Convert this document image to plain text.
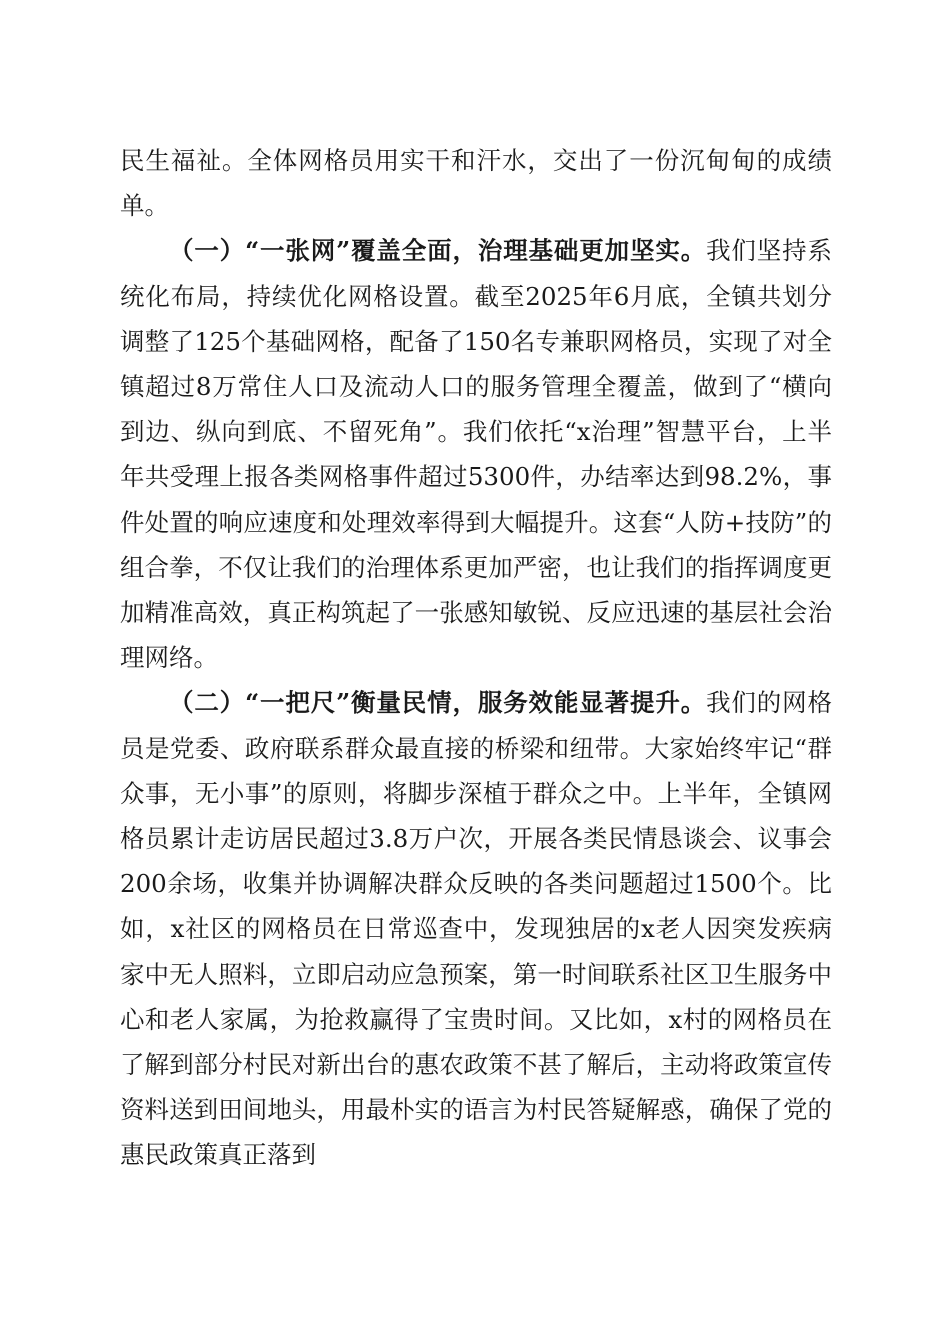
民生福祉。全体网格员用实干和汗水，交出了一份沉甸甸的成绩单。

（一）“一张网”覆盖全面，治理基础更加坚实。我们坚持系统化布局，持续优化网格设置。截至2025年6月底，全镇共划分调整了125个基础网格，配备了150名专兼职网格员，实现了对全镇超过8万常住人口及流动人口的服务管理全覆盖，做到了“横向到边、纵向到底、不留死角”。我们依托“x治理”智慧平台，上半年共受理上报各类网格事件超过5300件，办结率达到98.2%，事件处置的响应速度和处理效率得到大幅提升。这套“人防+技防”的组合拳，不仅让我们的治理体系更加严密，也让我们的指挥调度更加精准高效，真正构筑起了一张感知敏锐、反应迅速的基层社会治理网络。

（二）“一把尺”衡量民情，服务效能显著提升。我们的网格员是党委、政府联系群众最直接的桥梁和纽带。大家始终牢记“群众事，无小事”的原则，将脚步深植于群众之中。上半年，全镇网格员累计走访居民超过3.8万户次，开展各类民情恳谈会、议事会200余场，收集并协调解决群众反映的各类问题超过1500个。比如，x社区的网格员在日常巡查中，发现独居的x老人因突发疾病家中无人照料，立即启动应急预案，第一时间联系社区卫生服务中心和老人家属，为抢救赢得了宝贵时间。又比如，x村的网格员在了解到部分村民对新出台的惠农政策不甚了解后，主动将政策宣传资料送到田间地头，用最朴实的语言为村民答疑解惑，确保了党的惠民政策真正落到
